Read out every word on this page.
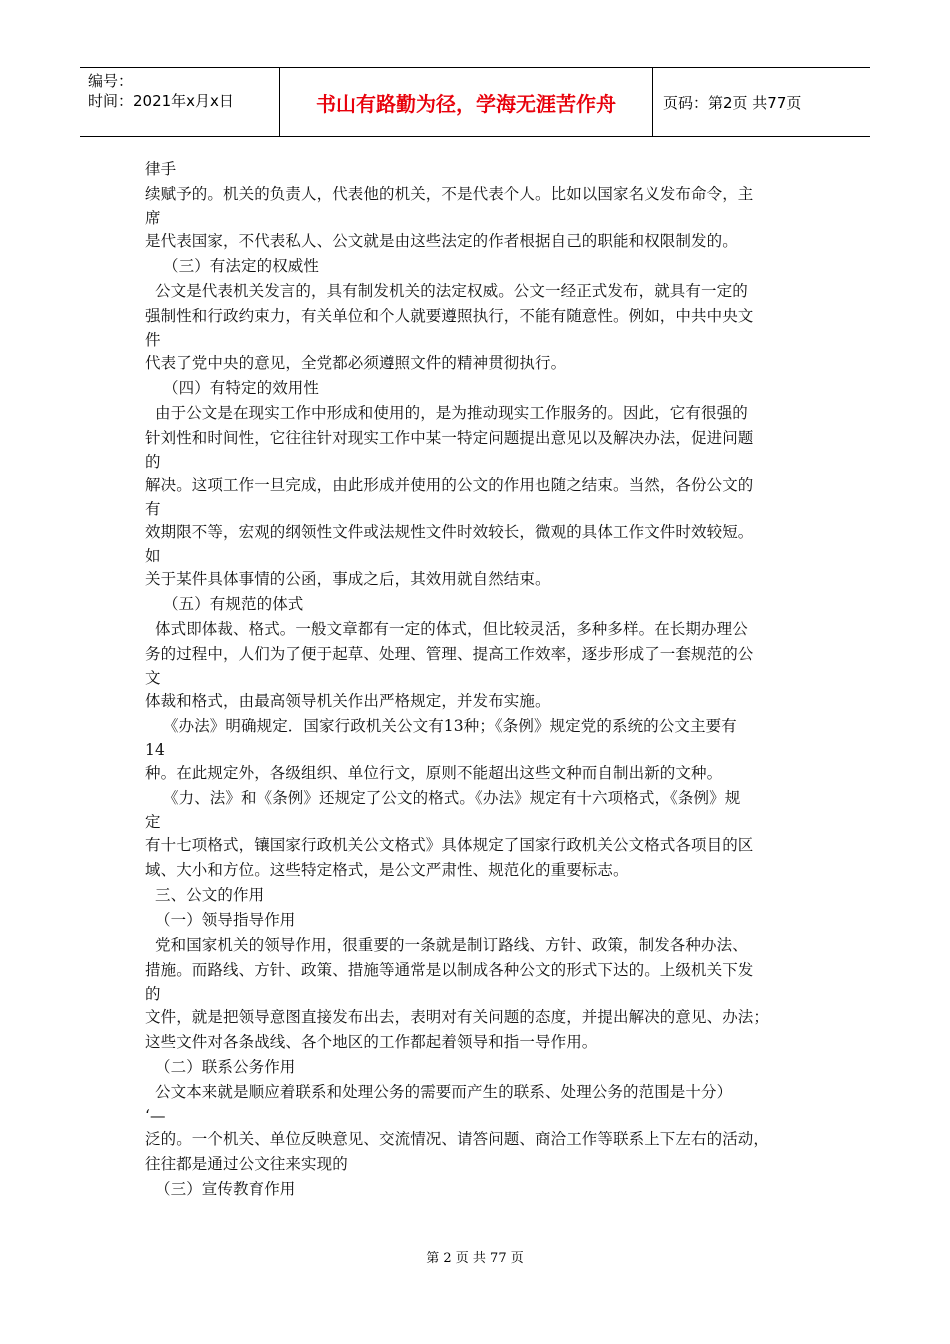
编号：
时间：2021年x月x日	书山有路勤为径，学海无涯苦作舟	页码：第2页 共77页

律手

续赋予的。机关的负责人，代表他的机关，不是代表个人。比如以国家名义发布命令，主

席

是代表国家，不代表私人、公文就是由这些法定的作者根据自己的职能和权限制发的。

（三）有法定的权威性

公文是代表机关发言的，具有制发机关的法定权威。公文一经正式发布，就具有一定的

强制性和行政约束力，有关单位和个人就要遵照执行，不能有随意性。例如，中共中央文

件

代表了党中央的意见，全党都必须遵照文件的精神贯彻执行。

（四）有特定的效用性

由于公文是在现实工作中形成和使用的，是为推动现实工作服务的。因此，它有很强的

针刘性和时间性，它往往针对现实工作中某一特定问题提出意见以及解决办法，促进问题

的

解决。这项工作一旦完成，由此形成并使用的公文的作用也随之结束。当然，各份公文的

有

效期限不等，宏观的纲领性文件或法规性文件时效较长，微观的具体工作文件时效较短。

如

关于某件具体事情的公函，事成之后，其效用就自然结束。

（五）有规范的体式

体式即体裁、格式。一般文章都有一定的体式，但比较灵活，多种多样。在长期办理公

务的过程中，人们为了便于起草、处理、管理、提高工作效率，逐步形成了一套规范的公

文

体裁和格式，由最高领导机关作出严格规定，并发布实施。

《办法》明确规定．国家行政机关公文有13种；《条例》规定党的系统的公文主要有

14

种。在此规定外，各级组织、单位行文，原则不能超出这些文种而自制出新的文种。

《力、法》和《条例》还规定了公文的格式。《办法》规定有十六项格式，《条例》规

定

有十七项格式，镶国家行政机关公文格式》具体规定了国家行政机关公文格式各项目的区

域、大小和方位。这些特定格式，是公文严肃性、规范化的重要标志。

三、公文的作用

（一）领导指导作用

党和国家机关的领导作用，很重要的一条就是制订路线、方针、政策，制发各种办法、

措施。而路线、方针、政策、措施等通常是以制成各种公文的形式下达的。上级机关下发

的

文件，就是把领导意图直接发布出去，表明对有关问题的态度，并提出解决的意见、办法；

这些文件对各条战线、各个地区的工作都起着领导和指一导作用。

（二）联系公务作用

公文本来就是顺应着联系和处理公务的需要而产生的联系、处理公务的范围是十分）

‘—

泛的。一个机关、单位反映意见、交流情况、请答问题、商洽工作等联系上下左右的活动，

往往都是通过公文往来实现的

（三）宣传教育作用

第 2 页 共 77 页
